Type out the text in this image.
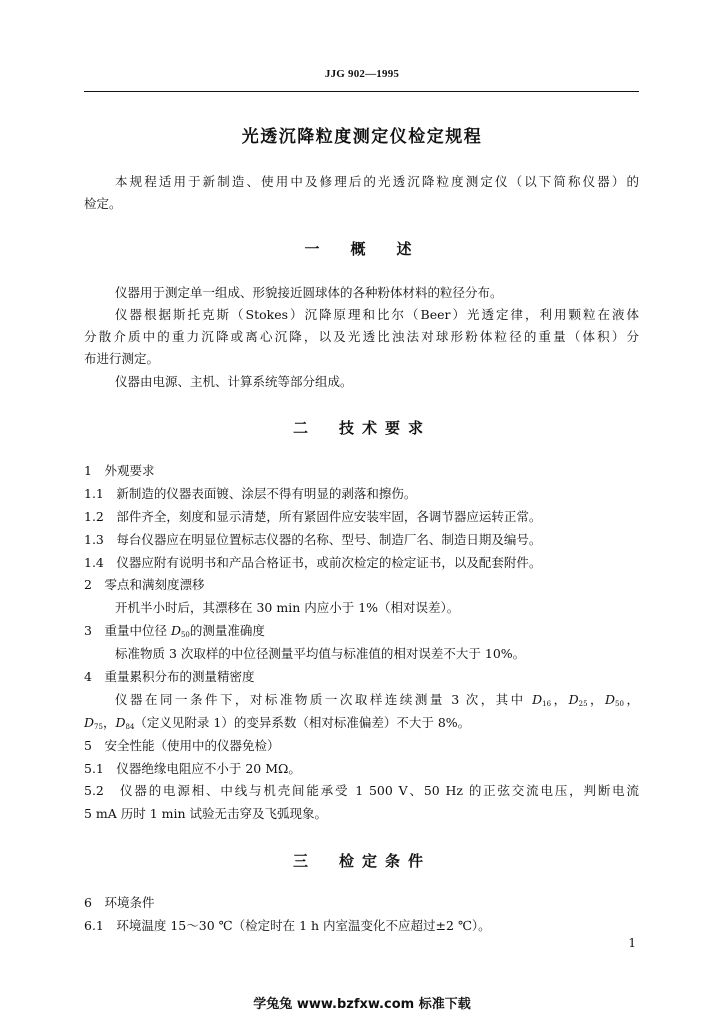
JJG 902—1995
光透沉降粒度测定仪检定规程
本规程适用于新制造、使用中及修理后的光透沉降粒度测定仪（以下简称仪器）的
检定。
一　概　述
仪器用于测定单一组成、形貌接近圆球体的各种粉体材料的粒径分布。
仪器根据斯托克斯（Stokes）沉降原理和比尔（Beer）光透定律，利用颗粒在液体
分散介质中的重力沉降或离心沉降，以及光透比浊法对球形粉体粒径的重量（体积）分
布进行测定。
仪器由电源、主机、计算系统等部分组成。
二　技术要求
1　外观要求
1.1　新制造的仪器表面镀、涂层不得有明显的剥落和擦伤。
1.2　部件齐全，刻度和显示清楚，所有紧固件应安装牢固，各调节器应运转正常。
1.3　每台仪器应在明显位置标志仪器的名称、型号、制造厂名、制造日期及编号。
1.4　仪器应附有说明书和产品合格证书，或前次检定的检定证书，以及配套附件。
2　零点和满刻度漂移
开机半小时后，其漂移在 30 min 内应小于 1%（相对误差）。
3　重量中位径 $D_{50}$的测量准确度
标准物质 3 次取样的中位径测量平均值与标准值的相对误差不大于 10%。
4　重量累积分布的测量精密度
仪器在同一条件下，对标准物质一次取样连续测量 3 次，其中 $D_{16}$，$D_{25}$，$D_{50}$，
$D_{75}$，$D_{84}$（定义见附录 1）的变异系数（相对标准偏差）不大于 8%。
5　安全性能（使用中的仪器免检）
5.1　仪器绝缘电阻应不小于 20 MΩ。
5.2　仪器的电源相、中线与机壳间能承受 1 500 V、50 Hz 的正弦交流电压，判断电流
5 mA 历时 1 min 试验无击穿及飞弧现象。
三　检定条件
6　环境条件
6.1　环境温度 15～30 ℃（检定时在 1 h 内室温变化不应超过±2 ℃）。
1
学兔兔 www.bzfxw.com 标准下载
